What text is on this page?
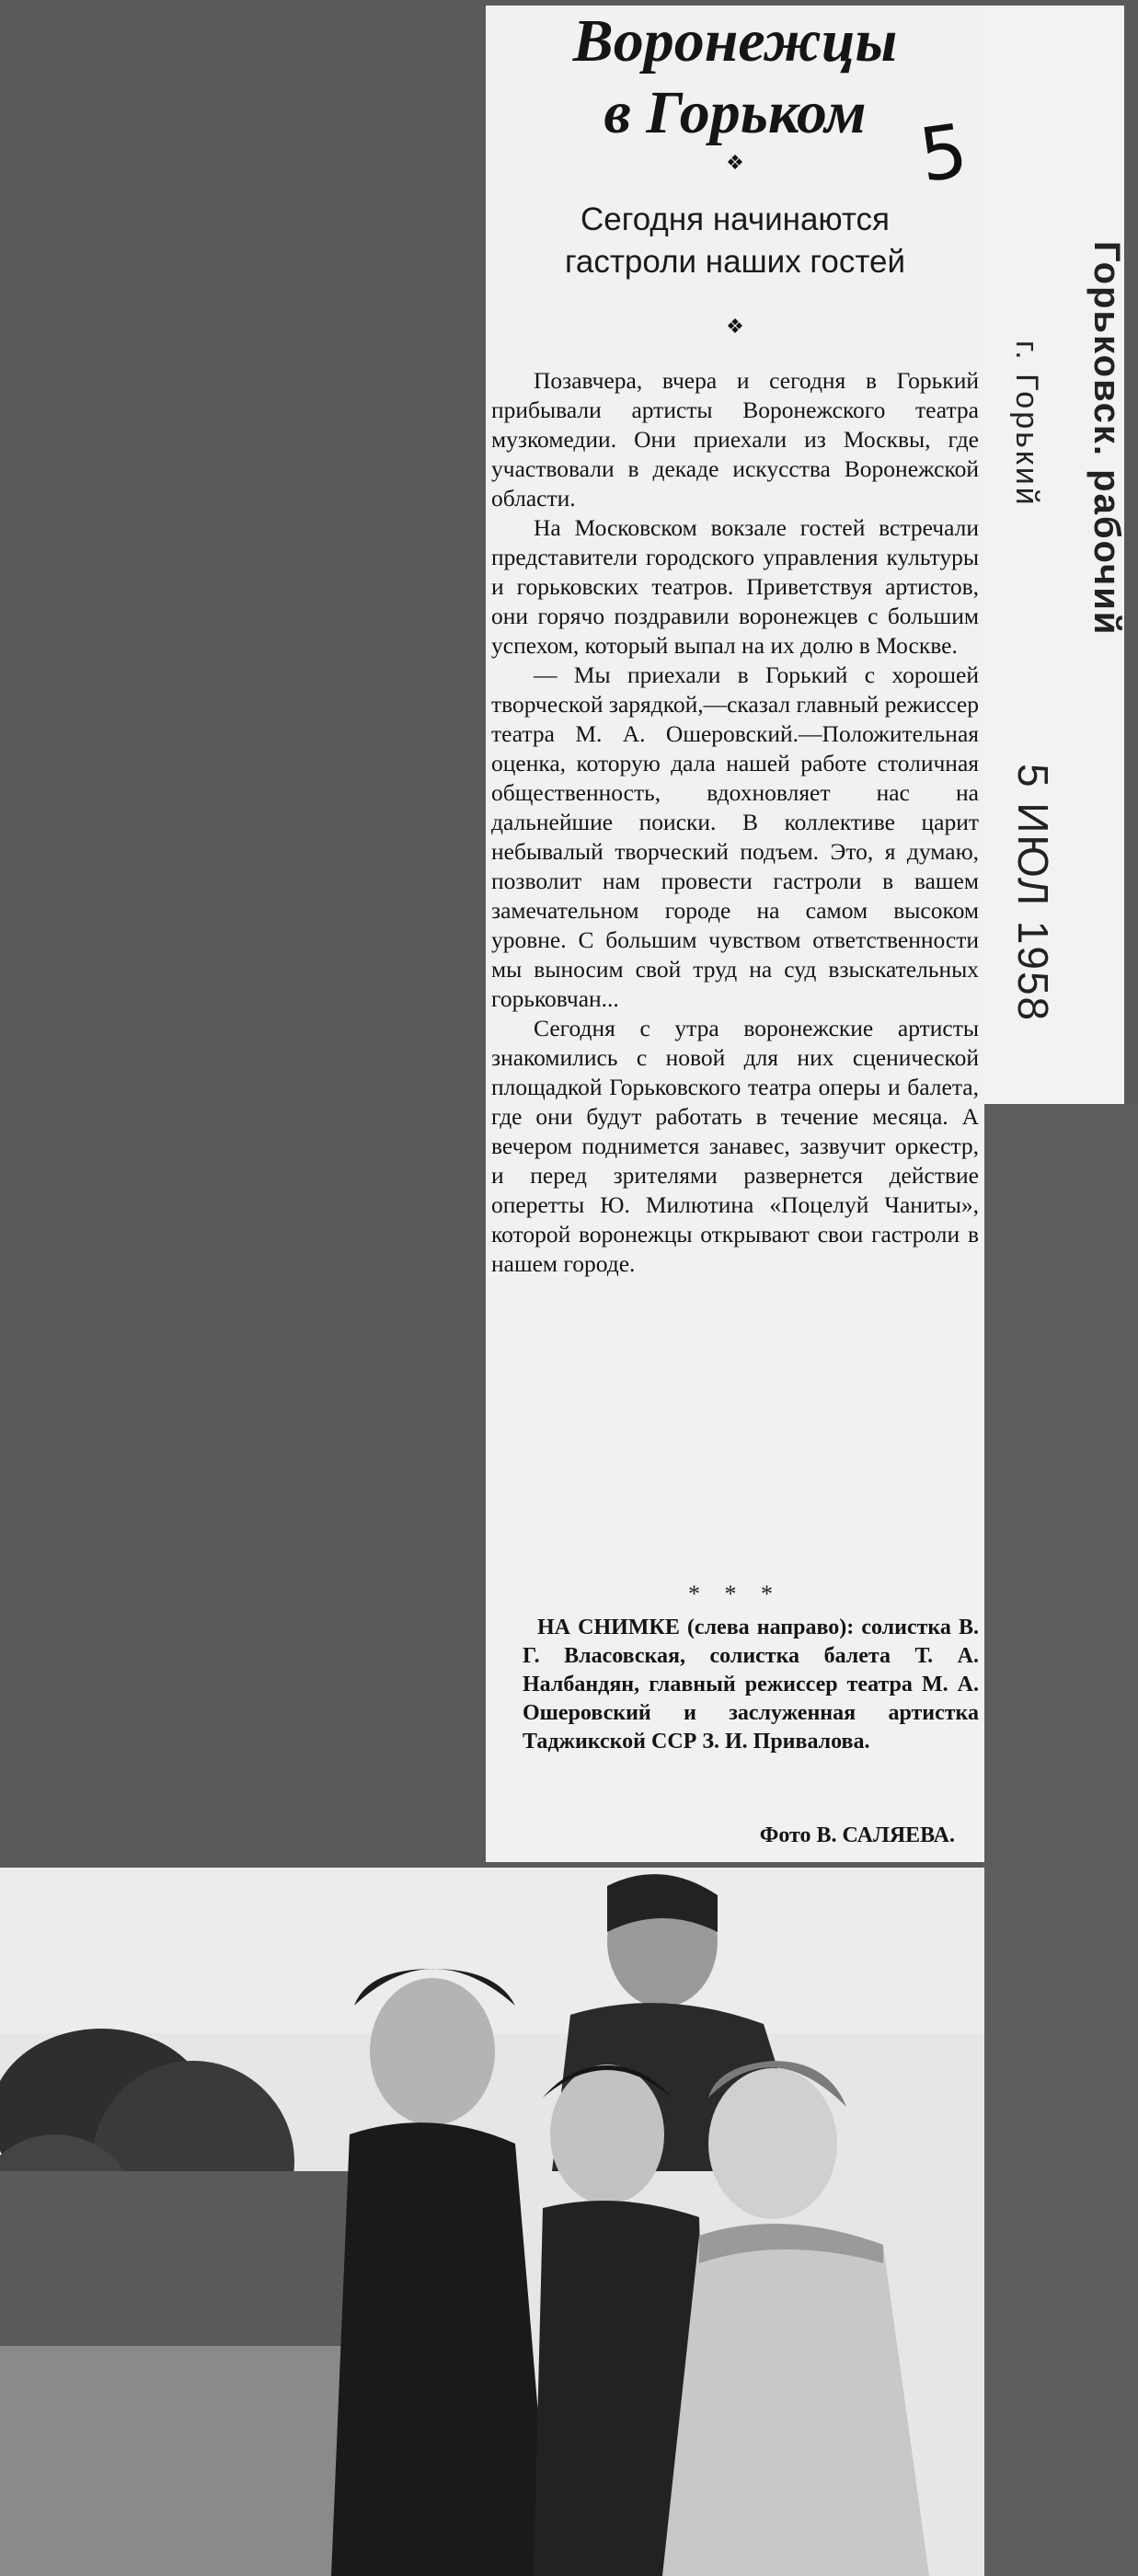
Воронежцы
в Горьком
❖
Сегодня начинаются
гастроли наших гостей
❖

Позавчера, вчера и сегодня в Горький прибывали артисты Воронежского театра музкомедии. Они приехали из Москвы, где участвовали в декаде искусства Воронежской области.

На Московском вокзале гостей встречали представители городского управления культуры и горьковских театров. Приветствуя артистов, они горячо поздравили воронежцев с большим успехом, который выпал на их долю в Москве.

— Мы приехали в Горький с хорошей творческой зарядкой,—сказал главный режиссер театра М. А. Ошеровский.—Положительная оценка, которую дала нашей работе столичная общественность, вдохновляет нас на дальнейшие поиски. В коллективе царит небывалый творческий подъем. Это, я думаю, позволит нам провести гастроли в вашем замечательном городе на самом высоком уровне. С большим чувством ответственности мы выносим свой труд на суд взыскательных горьковчан...

Сегодня с утра воронежские артисты знакомились с новой для них сценической площадкой Горьковского театра оперы и балета, где они будут работать в течение месяца. А вечером поднимется занавес, зазвучит оркестр, и перед зрителями развернется действие оперетты Ю. Милютина «Поцелуй Чаниты», которой воронежцы открывают свои гастроли в нашем городе.

* * *

НА СНИМКЕ (слева направо): солистка В. Г. Власовская, солистка балета Т. А. Налбандян, главный режиссер театра М. А. Ошеровский и заслуженная артистка Таджикской ССР З. И. Привалова.

Фото В. САЛЯЕВА.
5
Горьковск. рабочий
г. Горький
5 ИЮЛ 1958
